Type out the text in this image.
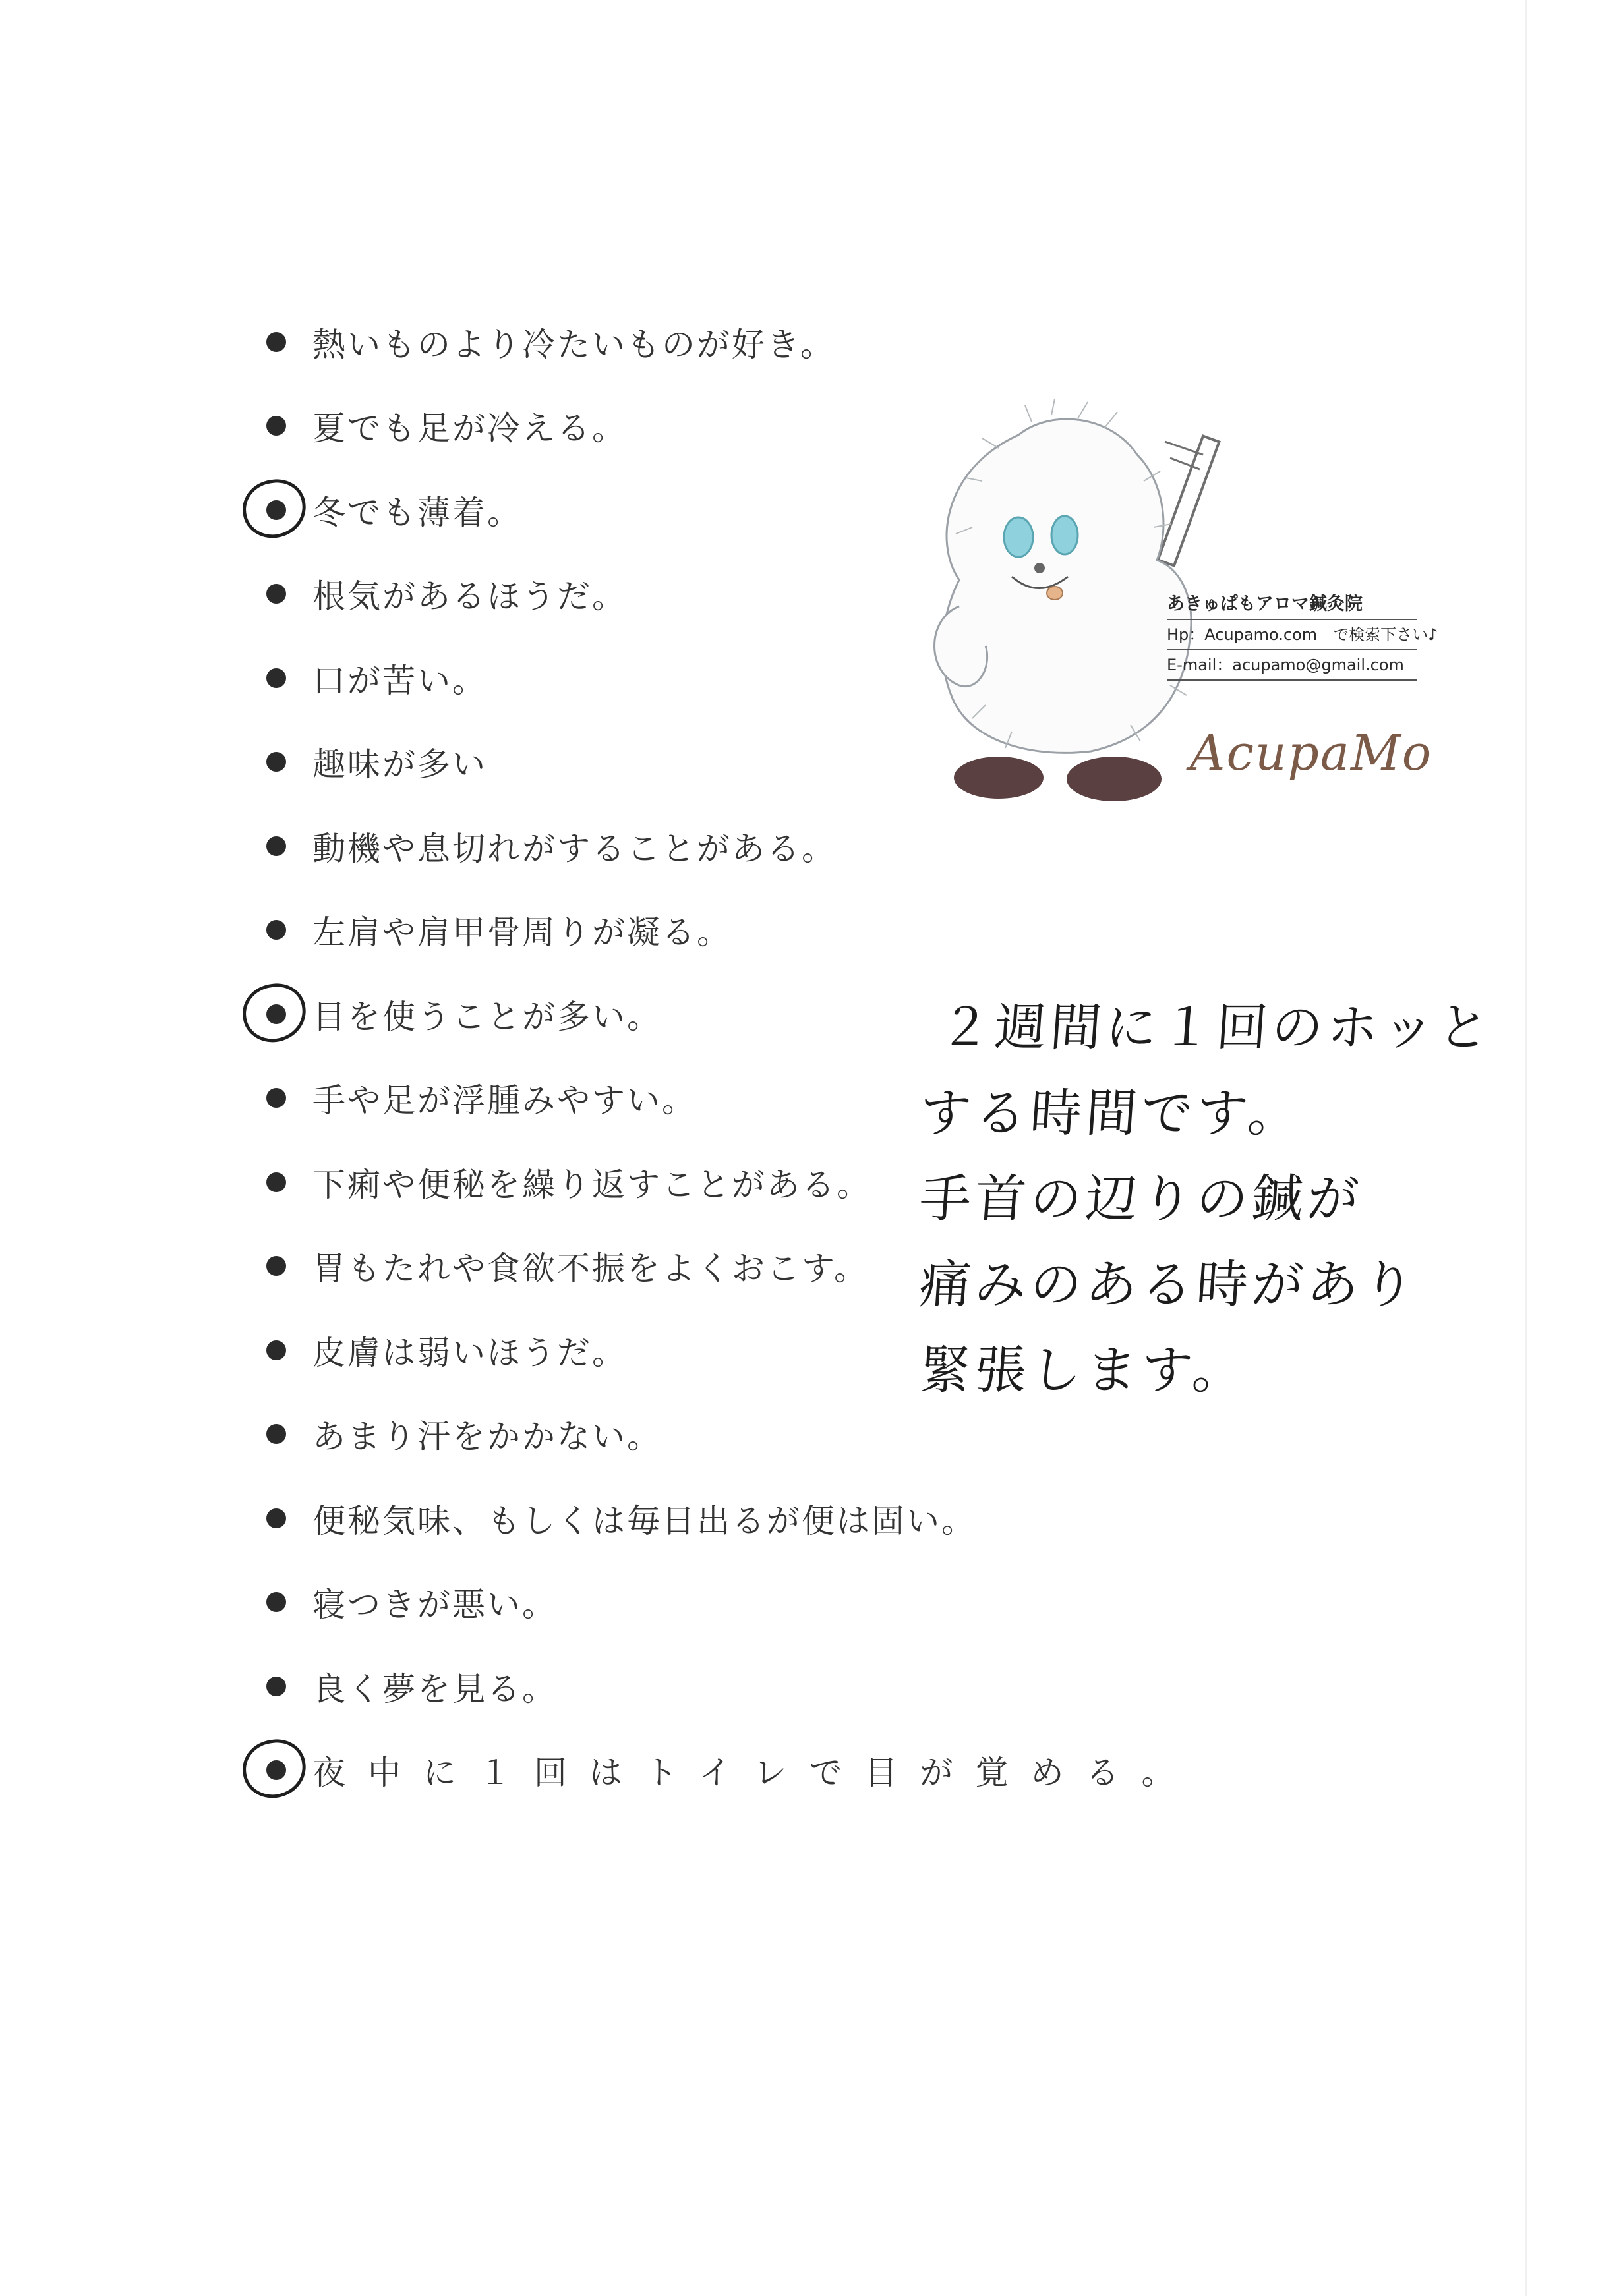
熱いものより冷たいものが好き。
夏でも足が冷える。
冬でも薄着。
根気があるほうだ。
口が苦い。
趣味が多い
動機や息切れがすることがある。
左肩や肩甲骨周りが凝る。
目を使うことが多い。
手や足が浮腫みやすい。
下痢や便秘を繰り返すことがある。
胃もたれや食欲不振をよくおこす。
皮膚は弱いほうだ。
あまり汗をかかない。
便秘気味、もしくは毎日出るが便は固い。
寝つきが悪い。
良く夢を見る。
夜中に１回はトイレで目が覚める。
あきゅぱもアロマ鍼灸院
Hp：Acupamo.com　で検索下さい♪
E-mail：acupamo@gmail.com
AcupaMo
２週間に１回のホッと
する時間です。
手首の辺りの鍼が
痛みのある時があり
緊張します。
